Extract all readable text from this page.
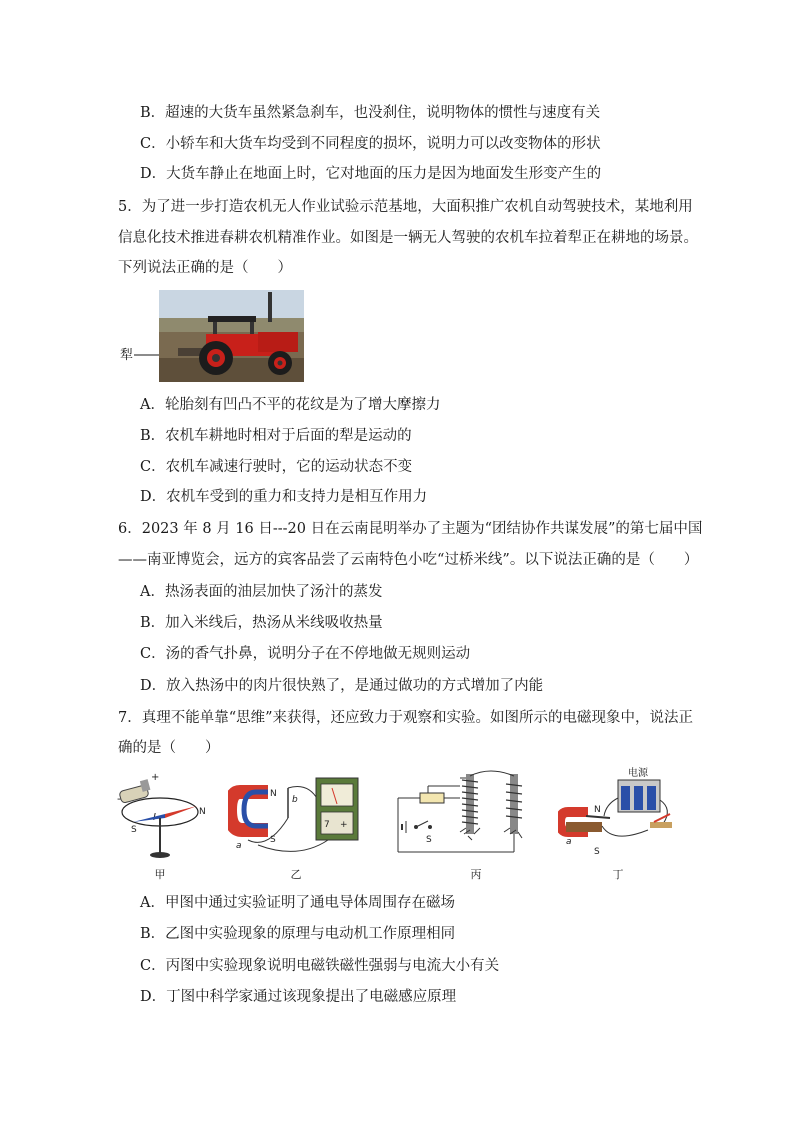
B．超速的大货车虽然紧急刹车，也没刹住，说明物体的惯性与速度有关
C．小轿车和大货车均受到不同程度的损坏，说明力可以改变物体的形状
D．大货车静止在地面上时，它对地面的压力是因为地面发生形变产生的
5．为了进一步打造农机无人作业试验示范基地，大面积推广农机自动驾驶技术，某地利用
信息化技术推进春耕农机精准作业。如图是一辆无人驾驶的农机车拉着犁正在耕地的场景。
下列说法正确的是（　　）
犁
A．轮胎刻有凹凸不平的花纹是为了增大摩擦力
B．农机车耕地时相对于后面的犁是运动的
C．农机车减速行驶时，它的运动状态不变
D．农机车受到的重力和支持力是相互作用力
6．2023 年 8 月 16 日---20 日在云南昆明举办了主题为“团结协作共谋发展”的第七届中国
——南亚博览会，远方的宾客品尝了云南特色小吃“过桥米线”。以下说法正确的是（　　）
A．热汤表面的油层加快了汤汁的蒸发
B．加入米线后，热汤从米线吸收热量
C．汤的香气扑鼻，说明分子在不停地做无规则运动
D．放入热汤中的肉片很快熟了，是通过做功的方式增加了内能
7．真理不能单靠“思维”来获得，还应致力于观察和实验。如图所示的电磁现象中，说法正
确的是（　　）
+
-
N
S
甲
N
S
a
b
7 +
乙
S
丙
电源
N
S
a
丁
A．甲图中通过实验证明了通电导体周围存在磁场
B．乙图中实验现象的原理与电动机工作原理相同
C．丙图中实验现象说明电磁铁磁性强弱与电流大小有关
D．丁图中科学家通过该现象提出了电磁感应原理
